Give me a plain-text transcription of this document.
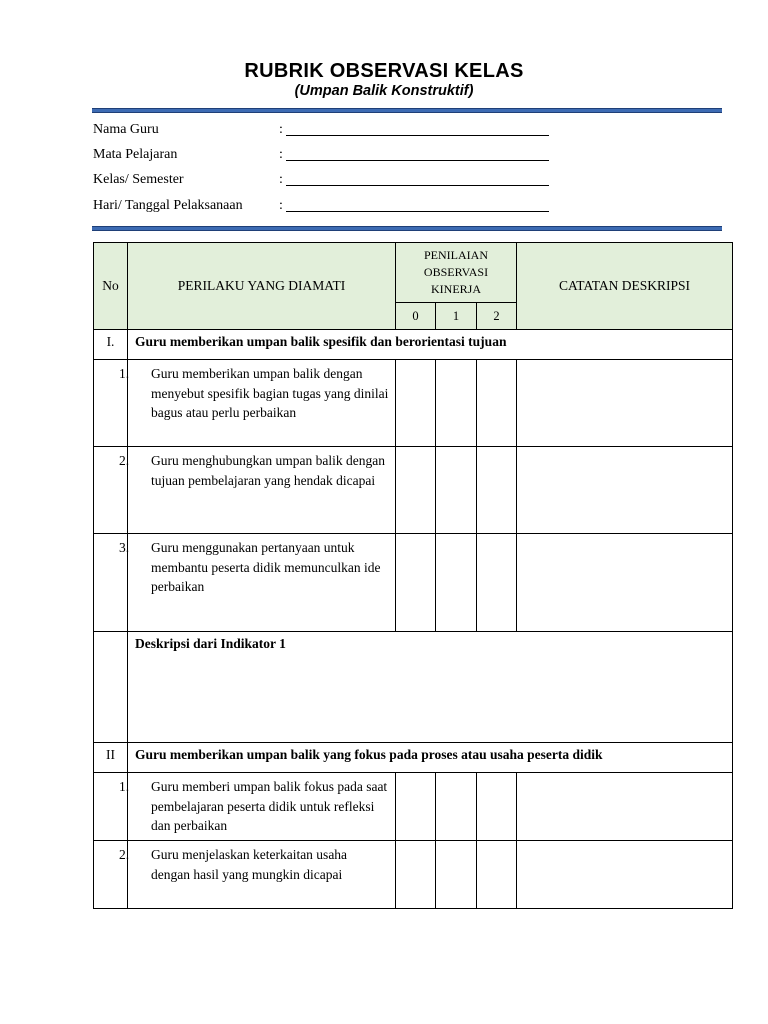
RUBRIK OBSERVASI KELAS
(Umpan Balik Konstruktif)
Nama Guru	:
Mata Pelajaran	:
Kelas/ Semester	:
Hari/ Tanggal Pelaksanaan	:
No	PERILAKU YANG DIAMATI	PENILAIAN
OBSERVASI
KINERJA			CATATAN DESKRIPSI
		0	1	2	
I.	Guru memberikan umpan balik spesifik dan berorientasi tujuan				

	1. Guru memberikan umpan balik dengan menyebut spesifik bagian tugas yang dinilai bagus atau perlu perbaikan				

	2. Guru menghubungkan umpan balik dengan tujuan pembelajaran yang hendak dicapai				

	3. Guru menggunakan pertanyaan untuk membantu peserta didik memunculkan ide perbaikan				

	Deskripsi dari Indikator 1				
II	Guru memberikan umpan balik yang fokus pada proses atau usaha peserta didik				

	1. Guru memberi umpan balik fokus pada saat pembelajaran peserta didik untuk refleksi dan perbaikan				

	2. Guru menjelaskan keterkaitan usaha dengan hasil yang mungkin dicapai				
